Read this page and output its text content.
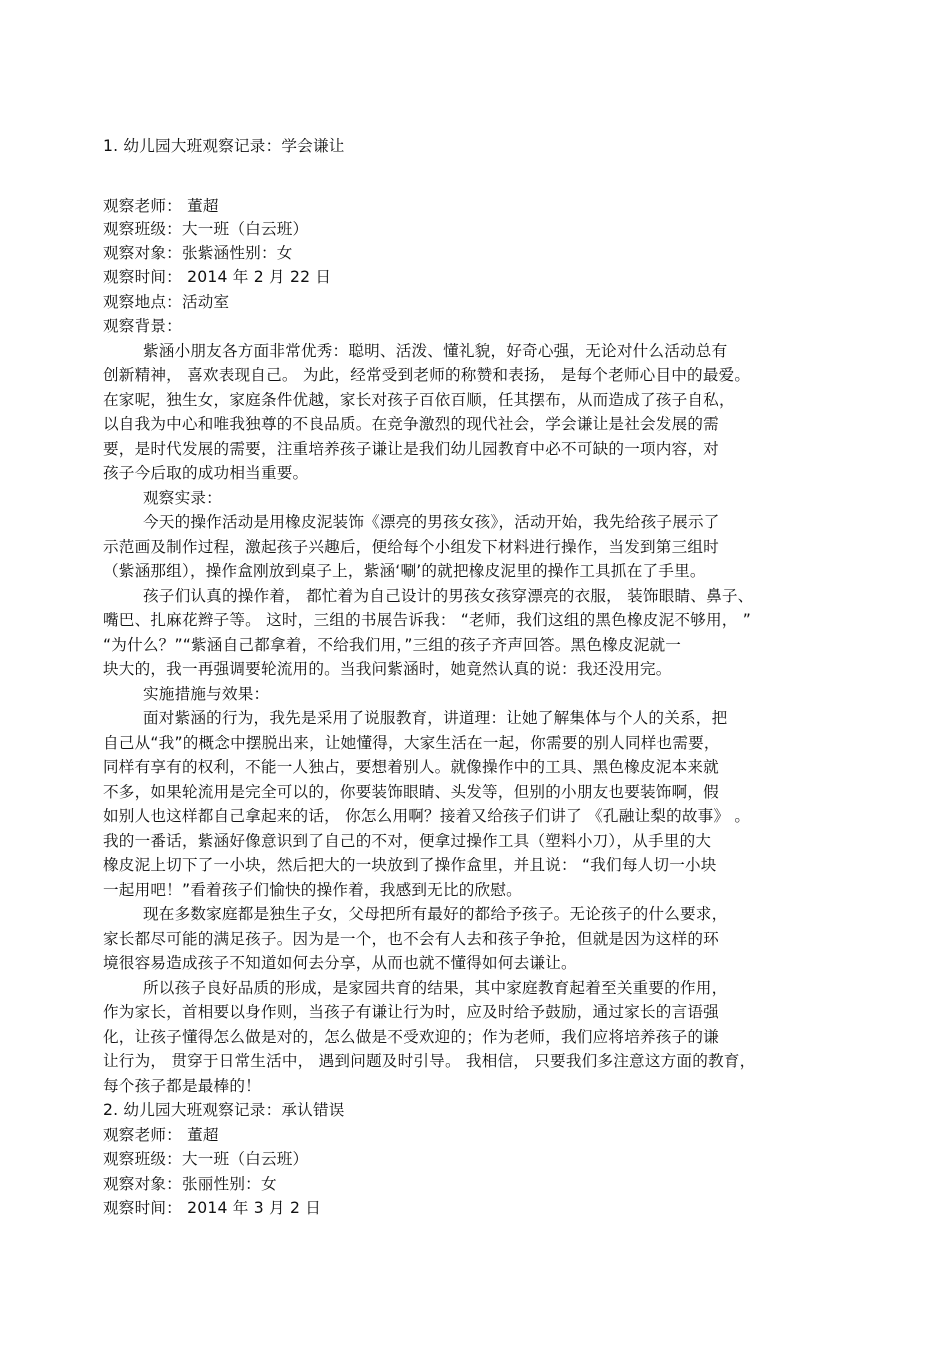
1. 幼儿园大班观察记录：学会谦让
观察老师： 董超
观察班级：大一班（白云班）
观察对象：张紫涵性别：女
观察时间： 2014 年 2 月 22 日
观察地点：活动室
观察背景：
紫涵小朋友各方面非常优秀：聪明、活泼、懂礼貌，好奇心强，无论对什么活动总有
创新精神， 喜欢表现自己。 为此，经常受到老师的称赞和表扬， 是每个老师心目中的最爱。
在家呢，独生女，家庭条件优越，家长对孩子百依百顺，任其摆布，从而造成了孩子自私，
以自我为中心和唯我独尊的不良品质。在竞争激烈的现代社会，学会谦让是社会发展的需
要，是时代发展的需要，注重培养孩子谦让是我们幼儿园教育中必不可缺的一项内容，对
孩子今后取的成功相当重要。
观察实录：
今天的操作活动是用橡皮泥装饰《漂亮的男孩女孩》，活动开始，我先给孩子展示了
示范画及制作过程，激起孩子兴趣后，便给每个小组发下材料进行操作，当发到第三组时
（紫涵那组），操作盒刚放到桌子上，紫涵‘唰’的就把橡皮泥里的操作工具抓在了手里。
孩子们认真的操作着， 都忙着为自己设计的男孩女孩穿漂亮的衣服， 装饰眼睛、鼻子、
嘴巴、扎麻花辫子等。 这时，三组的书展告诉我： “老师，我们这组的黑色橡皮泥不够用， ”
“为什么？”“紫涵自己都拿着，不给我们用，”三组的孩子齐声回答。黑色橡皮泥就一
块大的，我一再强调要轮流用的。当我问紫涵时，她竟然认真的说：我还没用完。
实施措施与效果：
面对紫涵的行为，我先是采用了说服教育，讲道理：让她了解集体与个人的关系，把
自己从“我”的概念中摆脱出来，让她懂得，大家生活在一起，你需要的别人同样也需要，
同样有享有的权利，不能一人独占，要想着别人。就像操作中的工具、黑色橡皮泥本来就
不多，如果轮流用是完全可以的，你要装饰眼睛、头发等，但别的小朋友也要装饰啊，假
如别人也这样都自己拿起来的话， 你怎么用啊？接着又给孩子们讲了 《孔融让梨的故事》 。
我的一番话，紫涵好像意识到了自己的不对，便拿过操作工具（塑料小刀），从手里的大
橡皮泥上切下了一小块，然后把大的一块放到了操作盒里，并且说： “我们每人切一小块
一起用吧！”看着孩子们愉快的操作着，我感到无比的欣慰。
现在多数家庭都是独生子女，父母把所有最好的都给予孩子。无论孩子的什么要求，
家长都尽可能的满足孩子。因为是一个，也不会有人去和孩子争抢，但就是因为这样的环
境很容易造成孩子不知道如何去分享，从而也就不懂得如何去谦让。
所以孩子良好品质的形成，是家园共育的结果，其中家庭教育起着至关重要的作用，
作为家长，首相要以身作则，当孩子有谦让行为时，应及时给予鼓励，通过家长的言语强
化，让孩子懂得怎么做是对的，怎么做是不受欢迎的；作为老师，我们应将培养孩子的谦
让行为， 贯穿于日常生活中， 遇到问题及时引导。 我相信， 只要我们多注意这方面的教育，
每个孩子都是最棒的！
2. 幼儿园大班观察记录：承认错误
观察老师： 董超
观察班级：大一班（白云班）
观察对象：张丽性别：女
观察时间： 2014 年 3 月 2 日
